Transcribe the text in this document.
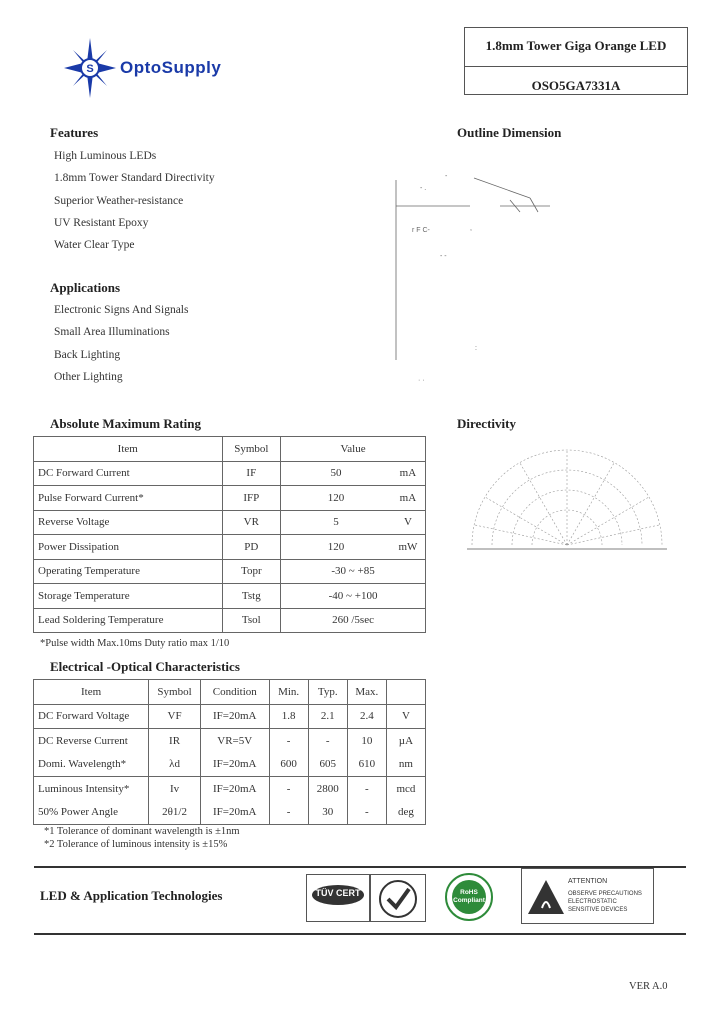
S OptoSupply
1.8mm Tower Giga Orange LED
OSO5GA7331A
Features
High Luminous LEDs
1.8mm Tower Standard Directivity
Superior Weather-resistance
UV Resistant Epoxy
Water Clear Type
Applications
Electronic Signs And Signals
Small Area Illuminations
Back Lighting
Other Lighting
Outline Dimension
- .
-
,
r F C-
- -
:
· ·
Directivity
Absolute Maximum Rating
Item	Symbol	Value	
DC Forward Current	IF	50	mA
Pulse Forward Current*	IFP	120	mA
Reverse Voltage	VR	5	V
Power Dissipation	PD	120	mW
Operating Temperature	Topr	-30 ~ +85	
Storage Temperature	Tstg	-40 ~ +100	
Lead Soldering Temperature	Tsol	260 /5sec	
*Pulse width Max.10ms Duty ratio max 1/10
Electrical -Optical Characteristics
Item	Symbol	Condition	Min.	Typ.	Max.	
DC Forward Voltage	VF	IF=20mA	1.8	2.1	2.4	V
DC Reverse Current	IR	VR=5V	-	-	10	µA
Domi. Wavelength*	λd	IF=20mA	600	605	610	nm
Luminous Intensity*	Iv	IF=20mA	-	2800	-	mcd
50% Power Angle	2θ1/2	IF=20mA	-	30	-	deg
*1 Tolerance of dominant wavelength is ±1nm
*2 Tolerance of luminous intensity is ±15%
LED & Application Technologies	TÜV CERT	RoHS Compliant
ATTENTION
OBSERVE PRECAUTIONS
ELECTROSTATIC
SENSITIVE DEVICES
VER A.0
